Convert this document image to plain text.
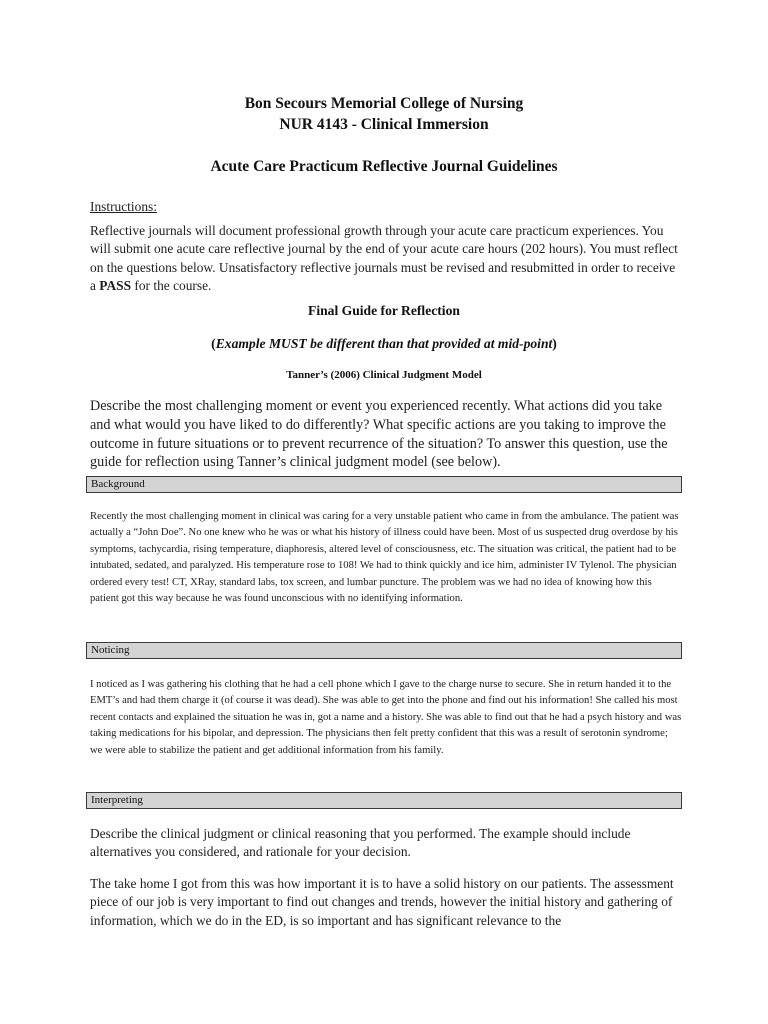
Bon Secours Memorial College of Nursing
NUR 4143 - Clinical Immersion
Acute Care Practicum Reflective Journal Guidelines
Instructions:
Reflective journals will document professional growth through your acute care practicum experiences. You will submit one acute care reflective journal by the end of your acute care hours (202 hours). You must reflect on the questions below. Unsatisfactory reflective journals must be revised and resubmitted in order to receive a PASS for the course.
Final Guide for Reflection
(Example MUST be different than that provided at mid-point)
Tanner’s (2006) Clinical Judgment Model
Describe the most challenging moment or event you experienced recently. What actions did you take and what would you have liked to do differently? What specific actions are you taking to improve the outcome in future situations or to prevent recurrence of the situation? To answer this question, use the guide for reflection using Tanner’s clinical judgment model (see below).
Background
Recently the most challenging moment in clinical was caring for a very unstable patient who came in from the ambulance. The patient was actually a “John Doe”. No one knew who he was or what his history of illness could have been. Most of us suspected drug overdose by his symptoms, tachycardia, rising temperature, diaphoresis, altered level of consciousness, etc. The situation was critical, the patient had to be intubated, sedated, and paralyzed. His temperature rose to 108! We had to think quickly and ice him, administer IV Tylenol. The physician ordered every test! CT, XRay, standard labs, tox screen, and lumbar puncture. The problem was we had no idea of knowing how this patient got this way because he was found unconscious with no identifying information.
Noticing
I noticed as I was gathering his clothing that he had a cell phone which I gave to the charge nurse to secure. She in return handed it to the EMT’s and had them charge it (of course it was dead). She was able to get into the phone and find out his information! She called his most recent contacts and explained the situation he was in, got a name and a history. She was able to find out that he had a psych history and was taking medications for his bipolar, and depression. The physicians then felt pretty confident that this was a result of serotonin syndrome; we were able to stabilize the patient and get additional information from his family.
Interpreting
Describe the clinical judgment or clinical reasoning that you performed. The example should include alternatives you considered, and rationale for your decision.
The take home I got from this was how important it is to have a solid history on our patients. The assessment piece of our job is very important to find out changes and trends, however the initial history and gathering of information, which we do in the ED, is so important and has significant relevance to the
